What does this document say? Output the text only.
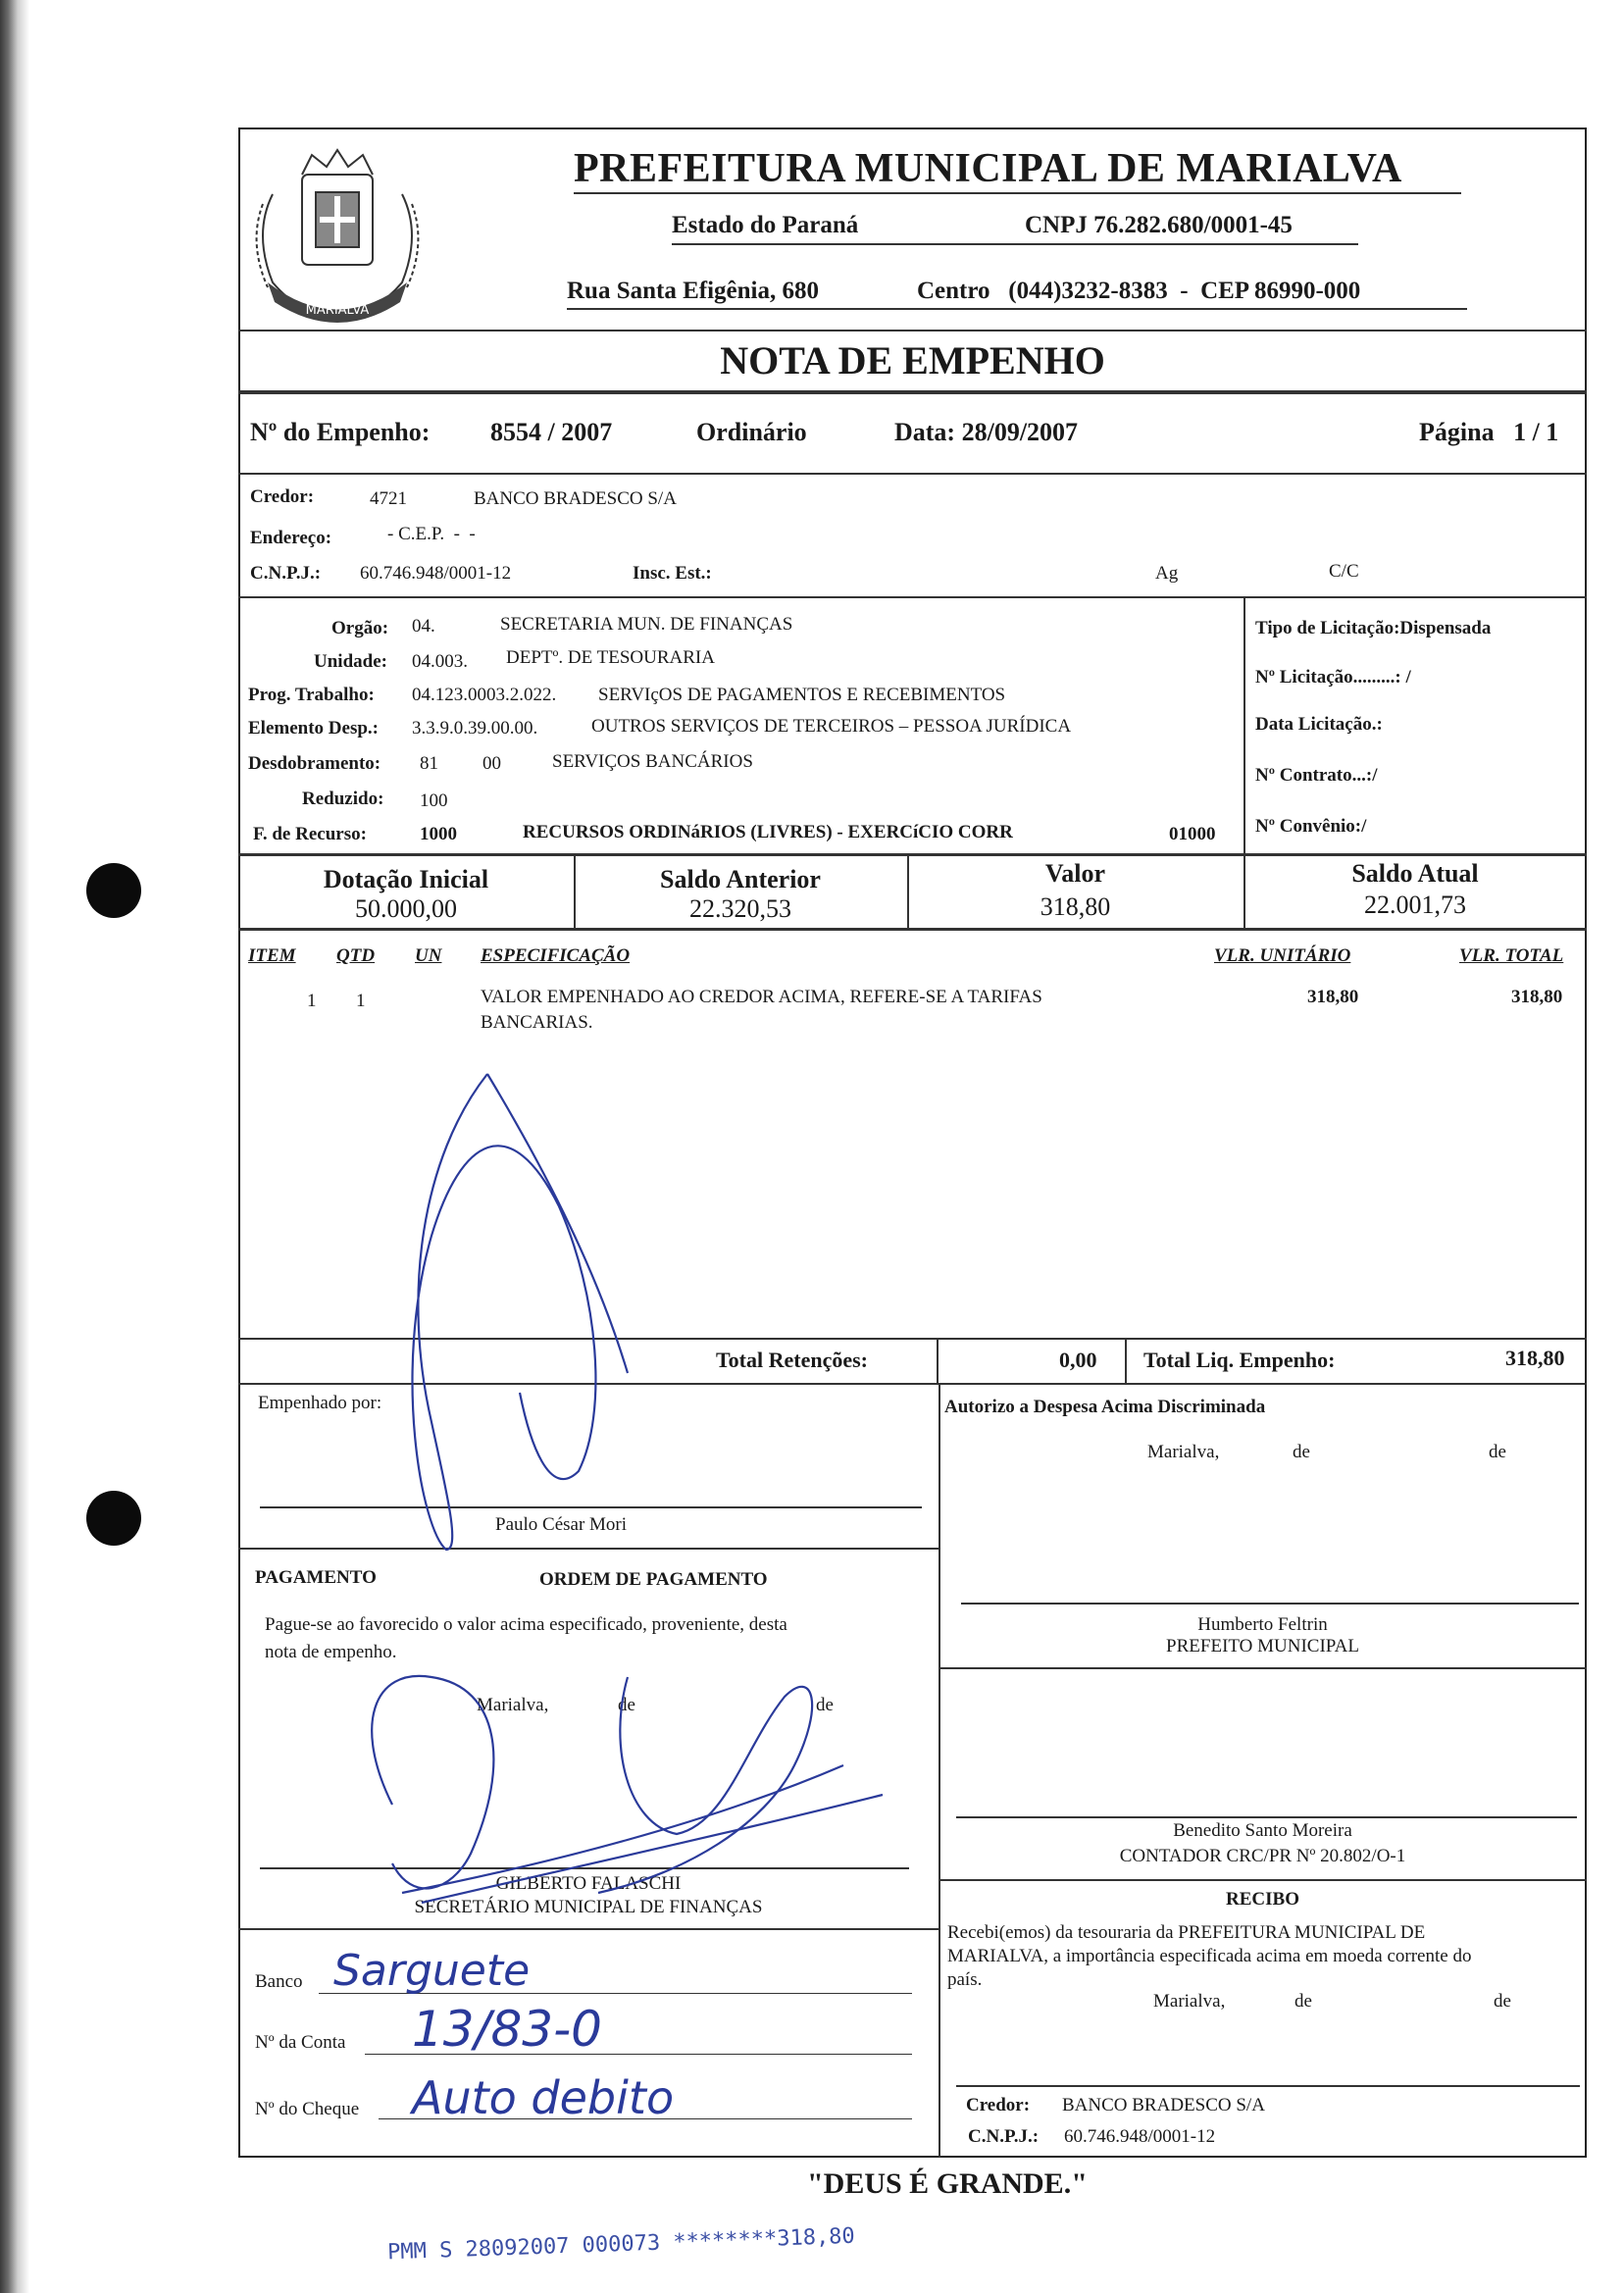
MARIALVA
PREFEITURA MUNICIPAL DE MARIALVA
Estado do Paraná	CNPJ 76.282.680/0001-45
Rua Santa Efigênia, 680	Centro   (044)3232-8383  -  CEP 86990-000
NOTA DE EMPENHO
Nº do Empenho: 8554 / 2007	Ordinário	Data: 28/09/2007	Página   1 / 1
Credor:	4721	BANCO BRADESCO S/A
Endereço:	- C.E.P.  -  -
C.N.P.J.: 60.746.948/0001-12	Insc. Est.:	Ag	C/C
Orgão: 04.	SECRETARIA MUN. DE FINANÇAS
Unidade: 04.003. DEPTº. DE TESOURARIA
Prog. Trabalho: 04.123.0003.2.022. SERVIçOS DE PAGAMENTOS E RECEBIMENTOS
Elemento Desp.: 3.3.9.0.39.00.00.	OUTROS SERVIÇOS DE TERCEIROS – PESSOA JURÍDICA
Desdobramento: 81 00	SERVIÇOS BANCÁRIOS
Reduzido: 100
F. de Recurso:	1000	RECURSOS ORDINáRIOS (LIVRES) - EXERCíCIO CORR	01000
Tipo de Licitação:Dispensada
Nº Licitação.........: /
Data Licitação.:
Nº Contrato...:/
Nº Convênio:/
Dotação Inicial
50.000,00
Saldo Anterior
22.320,53
Valor
318,80
Saldo Atual
22.001,73
ITEM QTD UN ESPECIFICAÇÃO	VLR. UNITÁRIO	VLR. TOTAL
1 1	VALOR EMPENHADO AO CREDOR ACIMA, REFERE-SE A TARIFAS
BANCARIAS.
318,80	318,80
Total Retenções:	0,00 Total Liq. Empenho:	318,80
Empenhado por:
Paulo César Mori
Autorizo a Despesa Acima Discriminada
Marialva,	de	de
Humberto Feltrin
PREFEITO MUNICIPAL
Benedito Santo Moreira
CONTADOR CRC/PR Nº 20.802/O-1
RECIBO
Recebi(emos) da tesouraria da PREFEITURA MUNICIPAL DE
MARIALVA, a importância especificada acima em moeda corrente do
país.
Marialva,	de	de
Credor: BANCO BRADESCO S/A
C.N.P.J.: 60.746.948/0001-12
PAGAMENTO	ORDEM DE PAGAMENTO
Pague-se ao favorecido o valor acima especificado, proveniente, desta
nota de empenho.
Marialva,	de	de
GILBERTO FALASCHI
SECRETÁRIO MUNICIPAL DE FINANÇAS
Banco Sarguete
Nº da Conta 13/83-0
Nº do Cheque Auto debito
"DEUS É GRANDE."
PMM S 28092007 000073 ********318,80
